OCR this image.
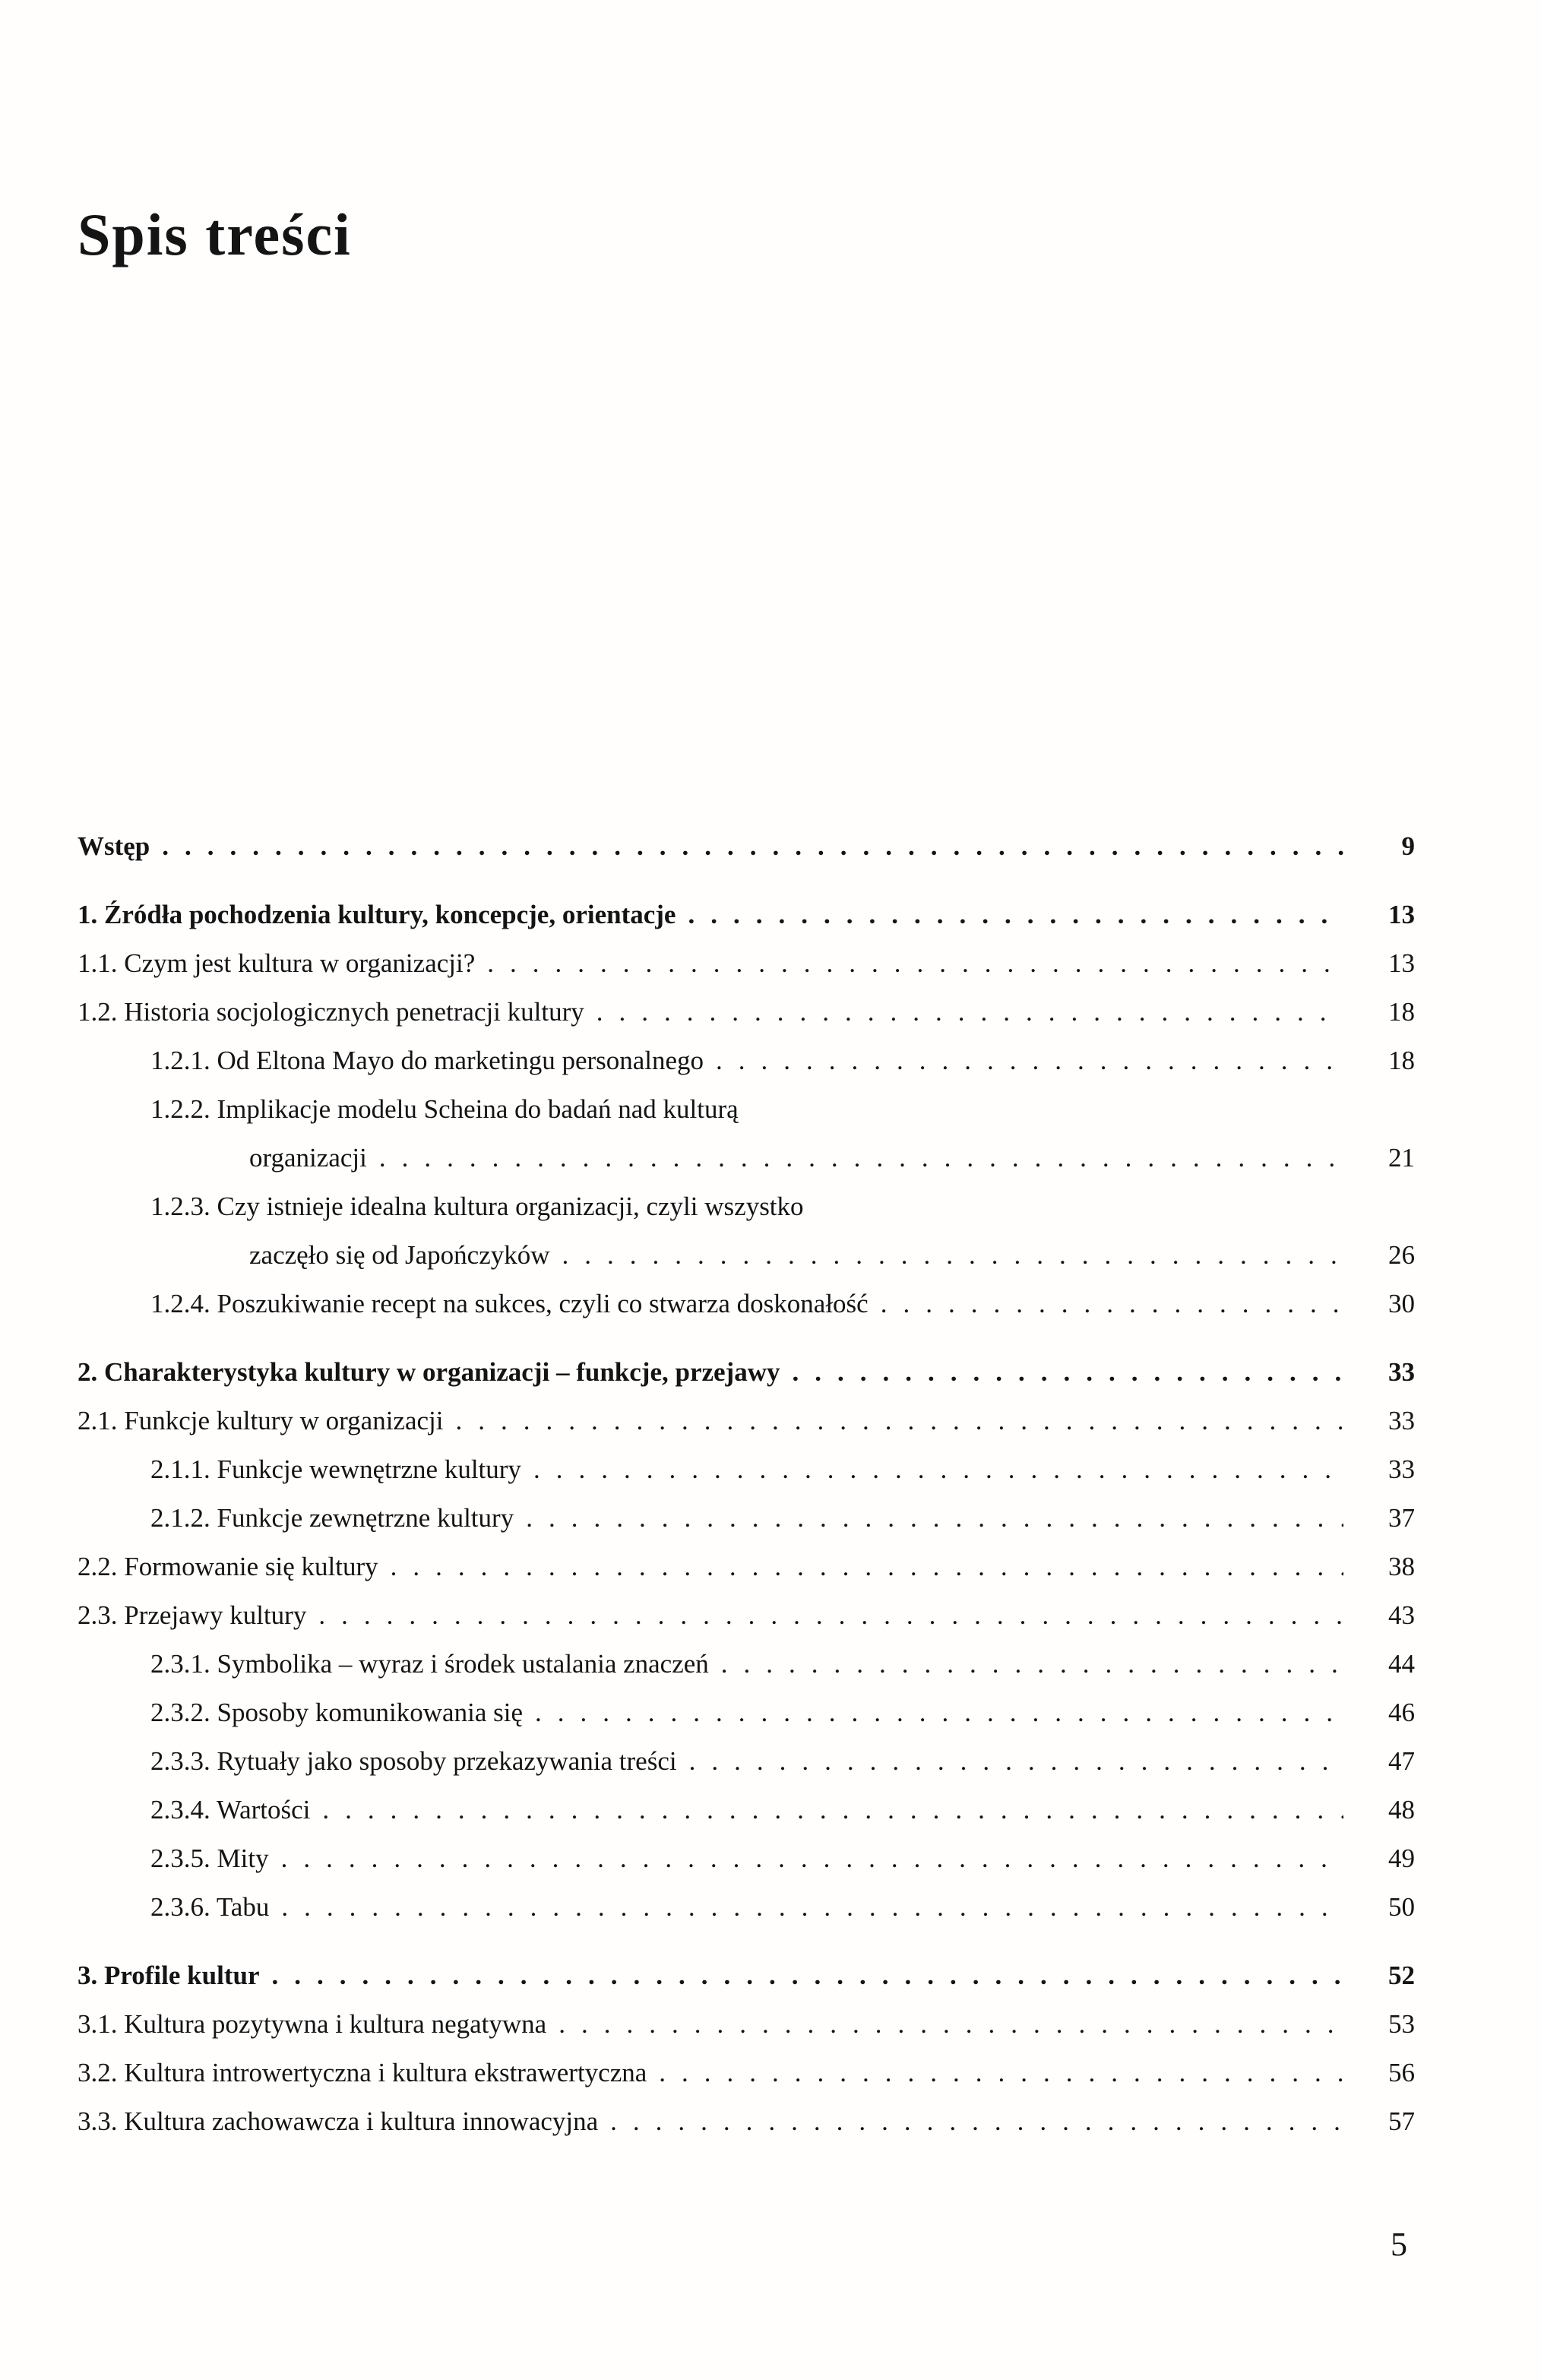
Spis treści
Wstęp .....	9
1. Źródła pochodzenia kultury, koncepcje, orientacje .....	13
1.1. Czym jest kultura w organizacji? .....	13
1.2. Historia socjologicznych penetracji kultury .....	18
1.2.1. Od Eltona Mayo do marketingu personalnego .....	18
1.2.2. Implikacje modelu Scheina do badań nad kulturą
organizacji .....	21
1.2.3. Czy istnieje idealna kultura organizacji, czyli wszystko
zaczęło się od Japończyków .....	26
1.2.4. Poszukiwanie recept na sukces, czyli co stwarza doskonałość .....	30
2. Charakterystyka kultury w organizacji – funkcje, przejawy .....	33
2.1. Funkcje kultury w organizacji .....	33
2.1.1. Funkcje wewnętrzne kultury .....	33
2.1.2. Funkcje zewnętrzne kultury .....	37
2.2. Formowanie się kultury .....	38
2.3. Przejawy kultury .....	43
2.3.1. Symbolika – wyraz i środek ustalania znaczeń .....	44
2.3.2. Sposoby komunikowania się .....	46
2.3.3. Rytuały jako sposoby przekazywania treści .....	47
2.3.4. Wartości .....	48
2.3.5. Mity .....	49
2.3.6. Tabu .....	50
3. Profile kultur .....	52
3.1. Kultura pozytywna i kultura negatywna .....	53
3.2. Kultura introwertyczna i kultura ekstrawertyczna .....	56
3.3. Kultura zachowawcza i kultura innowacyjna .....	57
5
